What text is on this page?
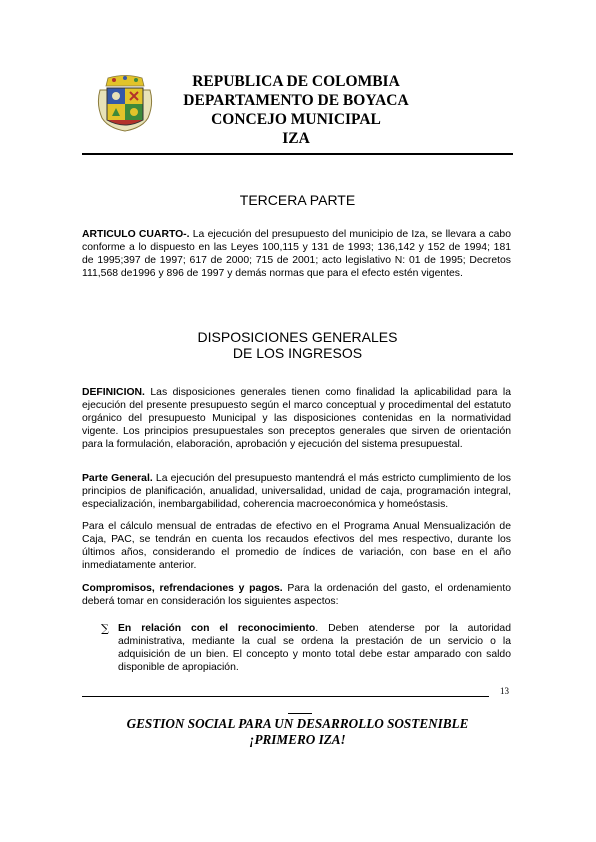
REPUBLICA DE COLOMBIA
DEPARTAMENTO DE BOYACA
CONCEJO MUNICIPAL
IZA
TERCERA PARTE
ARTICULO CUARTO-. La ejecución del presupuesto del municipio de Iza, se llevara a cabo conforme a lo dispuesto en las Leyes 100,115 y 131 de 1993; 136,142 y 152 de 1994; 181 de 1995;397 de 1997; 617 de 2000; 715 de 2001; acto legislativo N: 01 de 1995; Decretos 111,568 de1996 y 896 de 1997 y demás normas que para el efecto estén vigentes.
DISPOSICIONES GENERALES
DE LOS INGRESOS
DEFINICION. Las disposiciones generales tienen como finalidad la aplicabilidad para la ejecución del presente presupuesto según el marco conceptual y procedimental del estatuto orgánico del presupuesto Municipal y las disposiciones contenidas en la normatividad vigente. Los principios presupuestales son preceptos generales que sirven de orientación para la formulación, elaboración, aprobación y ejecución del sistema presupuestal.
Parte General. La ejecución del presupuesto mantendrá el más estricto cumplimiento de los principios de planificación, anualidad, universalidad, unidad de caja, programación integral, especialización, inembargabilidad, coherencia macroeconómica y homeóstasis.
Para el cálculo mensual de entradas de efectivo en el Programa Anual Mensualización de Caja, PAC, se tendrán en cuenta los recaudos efectivos del mes respectivo, durante los últimos años, considerando el promedio de índices de variación, con base en el año inmediatamente anterior.
Compromisos, refrendaciones y pagos. Para la ordenación del gasto, el ordenamiento deberá tomar en consideración los siguientes aspectos:
∑ En relación con el reconocimiento. Deben atenderse por la autoridad administrativa, mediante la cual se ordena la prestación de un servicio o la adquisición de un bien. El concepto y monto total debe estar amparado con saldo disponible de apropiación.
13
GESTION SOCIAL PARA UN DESARROLLO SOSTENIBLE
¡PRIMERO IZA!
